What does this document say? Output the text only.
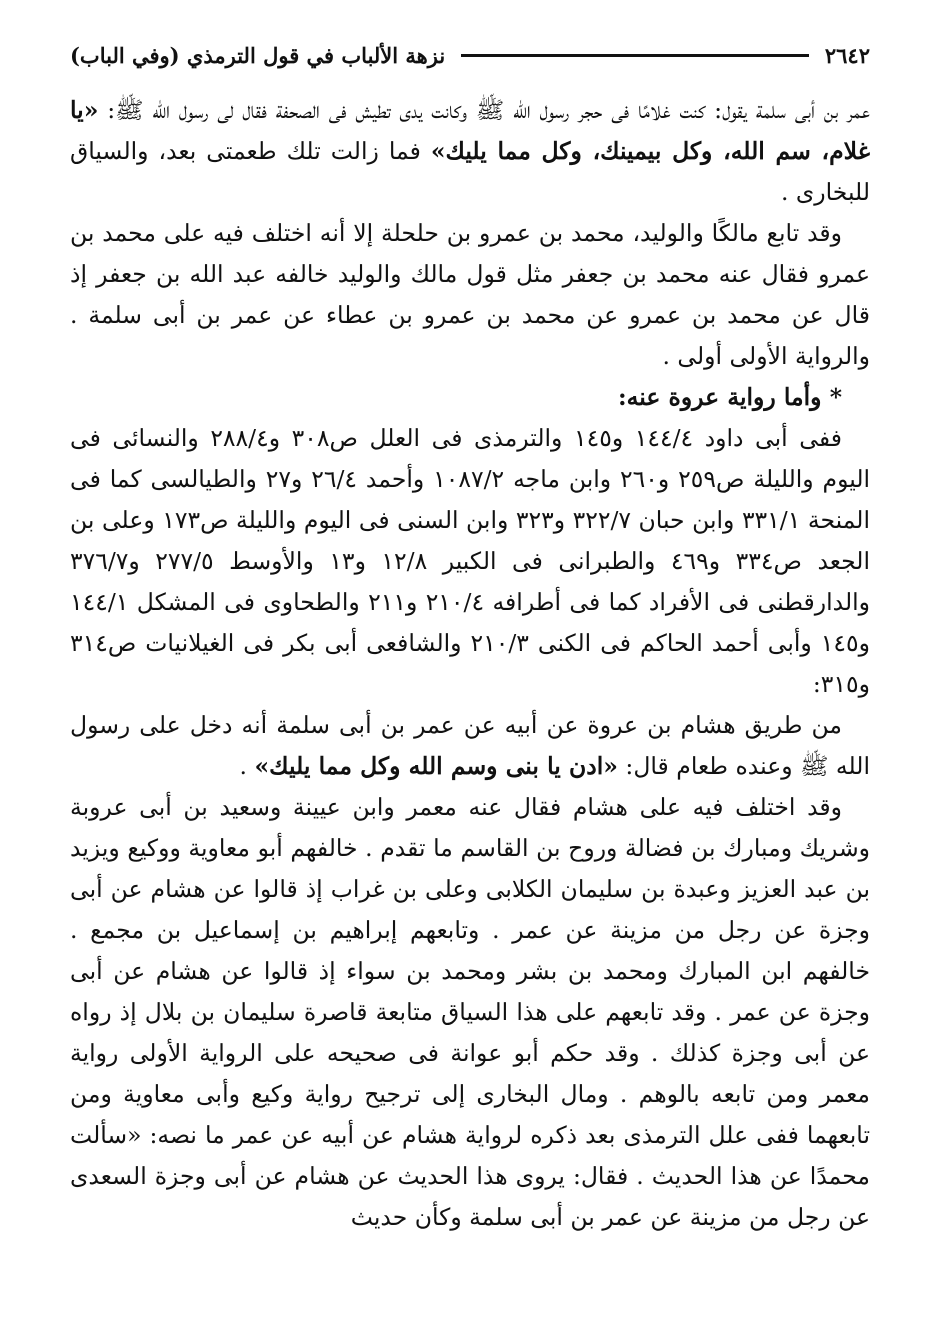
٢٦٤٢
نزهة الألباب في قول الترمذي (وفي الباب)

عمر بن أبى سلمة يقول: كنت غلامًا فى حجر رسول الله ﷺ وكانت يدى تطيش فى الصحفة فقال لى رسول الله ﷺ: «يا غلام، سم الله، وكل بيمينك، وكل مما يليك» فما زالت تلك طعمتى بعد، والسياق للبخارى .

وقد تابع مالكًا والوليد، محمد بن عمرو بن حلحلة إلا أنه اختلف فيه على محمد بن عمرو فقال عنه محمد بن جعفر مثل قول مالك والوليد خالفه عبد الله بن جعفر إذ قال عن محمد بن عمرو عن محمد بن عمرو بن عطاء عن عمر بن أبى سلمة . والرواية الأولى أولى .

* وأما رواية عروة عنه:

ففى أبى داود ١٤٤/٤ و١٤٥ والترمذى فى العلل ص٣٠٨ و٢٨٨/٤ والنسائى فى اليوم والليلة ص٢٥٩ و٢٦٠ وابن ماجه ١٠٨٧/٢ وأحمد ٢٦/٤ و٢٧ والطيالسى كما فى المنحة ٣٣١/١ وابن حبان ٣٢٢/٧ و٣٢٣ وابن السنى فى اليوم والليلة ص١٧٣ وعلى بن الجعد ص٣٣٤ و٤٦٩ والطبرانى فى الكبير ١٢/٨ و١٣ والأوسط ٢٧٧/٥ و٣٧٦/٧ والدارقطنى فى الأفراد كما فى أطرافه ٢١٠/٤ و٢١١ والطحاوى فى المشكل ١٤٤/١ و١٤٥ وأبى أحمد الحاكم فى الكنى ٢١٠/٣ والشافعى أبى بكر فى الغيلانيات ص٣١٤ و٣١٥:

من طريق هشام بن عروة عن أبيه عن عمر بن أبى سلمة أنه دخل على رسول الله ﷺ وعنده طعام قال: «ادن يا بنى وسم الله وكل مما يليك» .

وقد اختلف فيه على هشام فقال عنه معمر وابن عيينة وسعيد بن أبى عروبة وشريك ومبارك بن فضالة وروح بن القاسم ما تقدم . خالفهم أبو معاوية ووكيع ويزيد بن عبد العزيز وعبدة بن سليمان الكلابى وعلى بن غراب إذ قالوا عن هشام عن أبى وجزة عن رجل من مزينة عن عمر . وتابعهم إبراهيم بن إسماعيل بن مجمع . خالفهم ابن المبارك ومحمد بن بشر ومحمد بن سواء إذ قالوا عن هشام عن أبى وجزة عن عمر . وقد تابعهم على هذا السياق متابعة قاصرة سليمان بن بلال إذ رواه عن أبى وجزة كذلك . وقد حكم أبو عوانة فى صحيحه على الرواية الأولى رواية معمر ومن تابعه بالوهم . ومال البخارى إلى ترجيح رواية وكيع وأبى معاوية ومن تابعهما ففى علل الترمذى بعد ذكره لرواية هشام عن أبيه عن عمر ما نصه: «سألت محمدًا عن هذا الحديث . فقال: يروى هذا الحديث عن هشام عن أبى وجزة السعدى عن رجل من مزينة عن عمر بن أبى سلمة وكأن حديث
